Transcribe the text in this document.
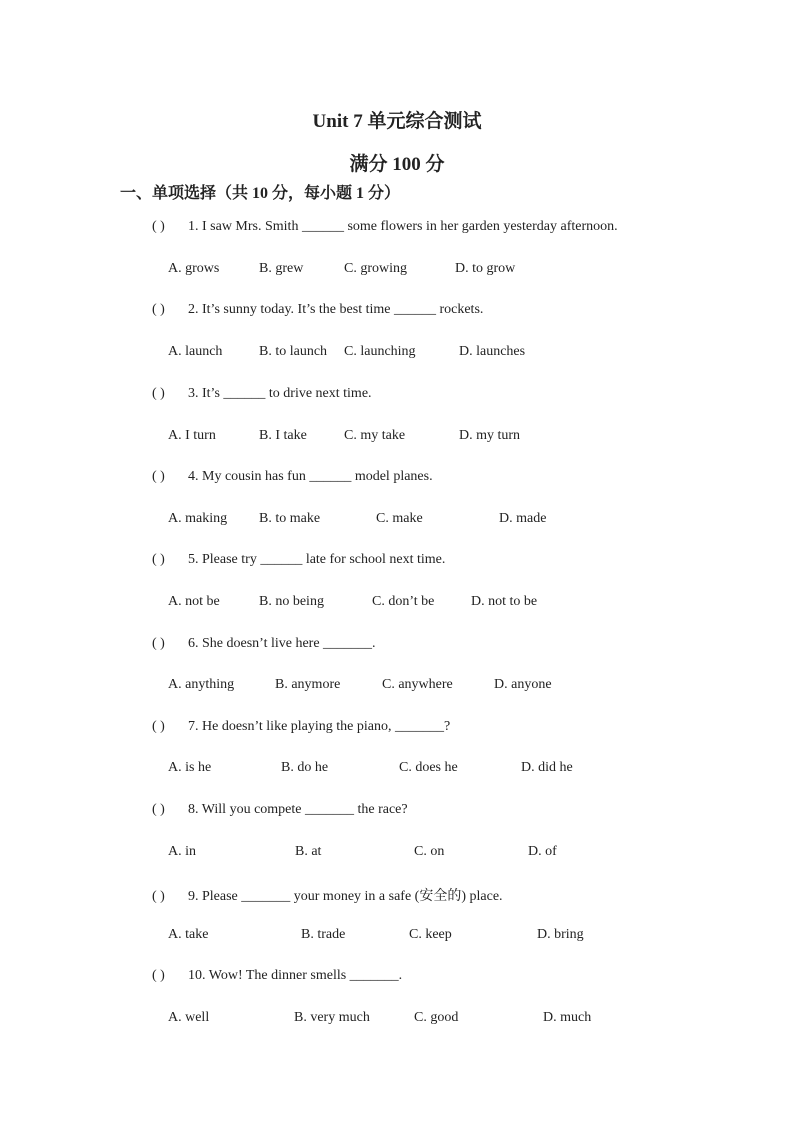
Unit 7 单元综合测试
满分 100 分
一、单项选择（共 10 分，每小题 1 分）
( ) 1. I saw Mrs. Smith ______ some flowers in her garden yesterday afternoon.
A. grows	B. grew	C. growing	D. to grow
( ) 2. It’s sunny today. It’s the best time ______ rockets.
A. launch	B. to launch C. launching	D. launches
( ) 3. It’s ______ to drive next time.
A. I turn	B. I take	C. my take	D. my turn
( ) 4. My cousin has fun ______ model planes.
A. making B. to make	C. make	D. made
( ) 5. Please try ______ late for school next time.
A. not be	B. no being	C. don’t be	D. not to be
( ) 6. She doesn’t live here _______.
A. anything	B. anymore	C. anywhere	D. anyone
( ) 7. He doesn’t like playing the piano, _______?
A. is he	B. do he	C. does he	D. did he
( ) 8. Will you compete _______ the race?
A. in	B. at	C. on	D. of
( ) 9. Please _______ your money in a safe (安全的) place.
A. take	B. trade	C. keep	D. bring
( ) 10. Wow! The dinner smells _______.
A. well	B. very much	C. good	D. much
